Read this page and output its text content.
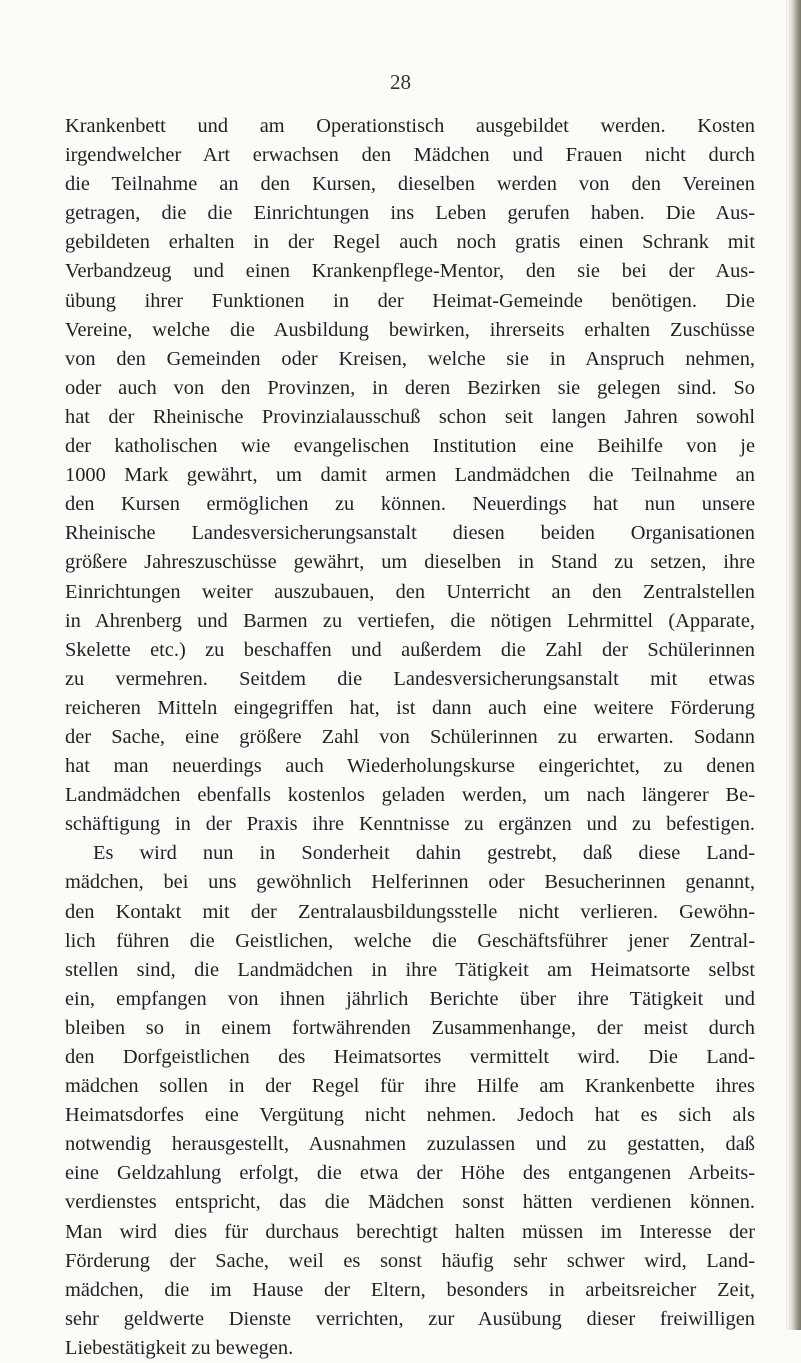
28
Krankenbett und am Operationstisch ausgebildet werden. Kosten
irgendwelcher Art erwachsen den Mädchen und Frauen nicht durch
die Teilnahme an den Kursen, dieselben werden von den Vereinen
getragen, die die Einrichtungen ins Leben gerufen haben. Die Aus-
gebildeten erhalten in der Regel auch noch gratis einen Schrank mit
Verbandzeug und einen Krankenpflege-Mentor, den sie bei der Aus-
übung ihrer Funktionen in der Heimat-Gemeinde benötigen. Die
Vereine, welche die Ausbildung bewirken, ihrerseits erhalten Zuschüsse
von den Gemeinden oder Kreisen, welche sie in Anspruch nehmen,
oder auch von den Provinzen, in deren Bezirken sie gelegen sind. So
hat der Rheinische Provinzialausschuß schon seit langen Jahren sowohl
der katholischen wie evangelischen Institution eine Beihilfe von je
1000 Mark gewährt, um damit armen Landmädchen die Teilnahme an
den Kursen ermöglichen zu können. Neuerdings hat nun unsere
Rheinische Landesversicherungsanstalt diesen beiden Organisationen
größere Jahreszuschüsse gewährt, um dieselben in Stand zu setzen, ihre
Einrichtungen weiter auszubauen, den Unterricht an den Zentralstellen
in Ahrenberg und Barmen zu vertiefen, die nötigen Lehrmittel (Apparate,
Skelette etc.) zu beschaffen und außerdem die Zahl der Schülerinnen
zu vermehren. Seitdem die Landesversicherungsanstalt mit etwas
reicheren Mitteln eingegriffen hat, ist dann auch eine weitere Förderung
der Sache, eine größere Zahl von Schülerinnen zu erwarten. Sodann
hat man neuerdings auch Wiederholungskurse eingerichtet, zu denen
Landmädchen ebenfalls kostenlos geladen werden, um nach längerer Be-
schäftigung in der Praxis ihre Kenntnisse zu ergänzen und zu befestigen.
Es wird nun in Sonderheit dahin gestrebt, daß diese Land-
mädchen, bei uns gewöhnlich Helferinnen oder Besucherinnen genannt,
den Kontakt mit der Zentralausbildungsstelle nicht verlieren. Gewöhn-
lich führen die Geistlichen, welche die Geschäftsführer jener Zentral-
stellen sind, die Landmädchen in ihre Tätigkeit am Heimatsorte selbst
ein, empfangen von ihnen jährlich Berichte über ihre Tätigkeit und
bleiben so in einem fortwährenden Zusammenhange, der meist durch
den Dorfgeistlichen des Heimatsortes vermittelt wird. Die Land-
mädchen sollen in der Regel für ihre Hilfe am Krankenbette ihres
Heimatsdorfes eine Vergütung nicht nehmen. Jedoch hat es sich als
notwendig herausgestellt, Ausnahmen zuzulassen und zu gestatten, daß
eine Geldzahlung erfolgt, die etwa der Höhe des entgangenen Arbeits-
verdienstes entspricht, das die Mädchen sonst hätten verdienen können.
Man wird dies für durchaus berechtigt halten müssen im Interesse der
Förderung der Sache, weil es sonst häufig sehr schwer wird, Land-
mädchen, die im Hause der Eltern, besonders in arbeitsreicher Zeit,
sehr geldwerte Dienste verrichten, zur Ausübung dieser freiwilligen
Liebestätigkeit zu bewegen.
